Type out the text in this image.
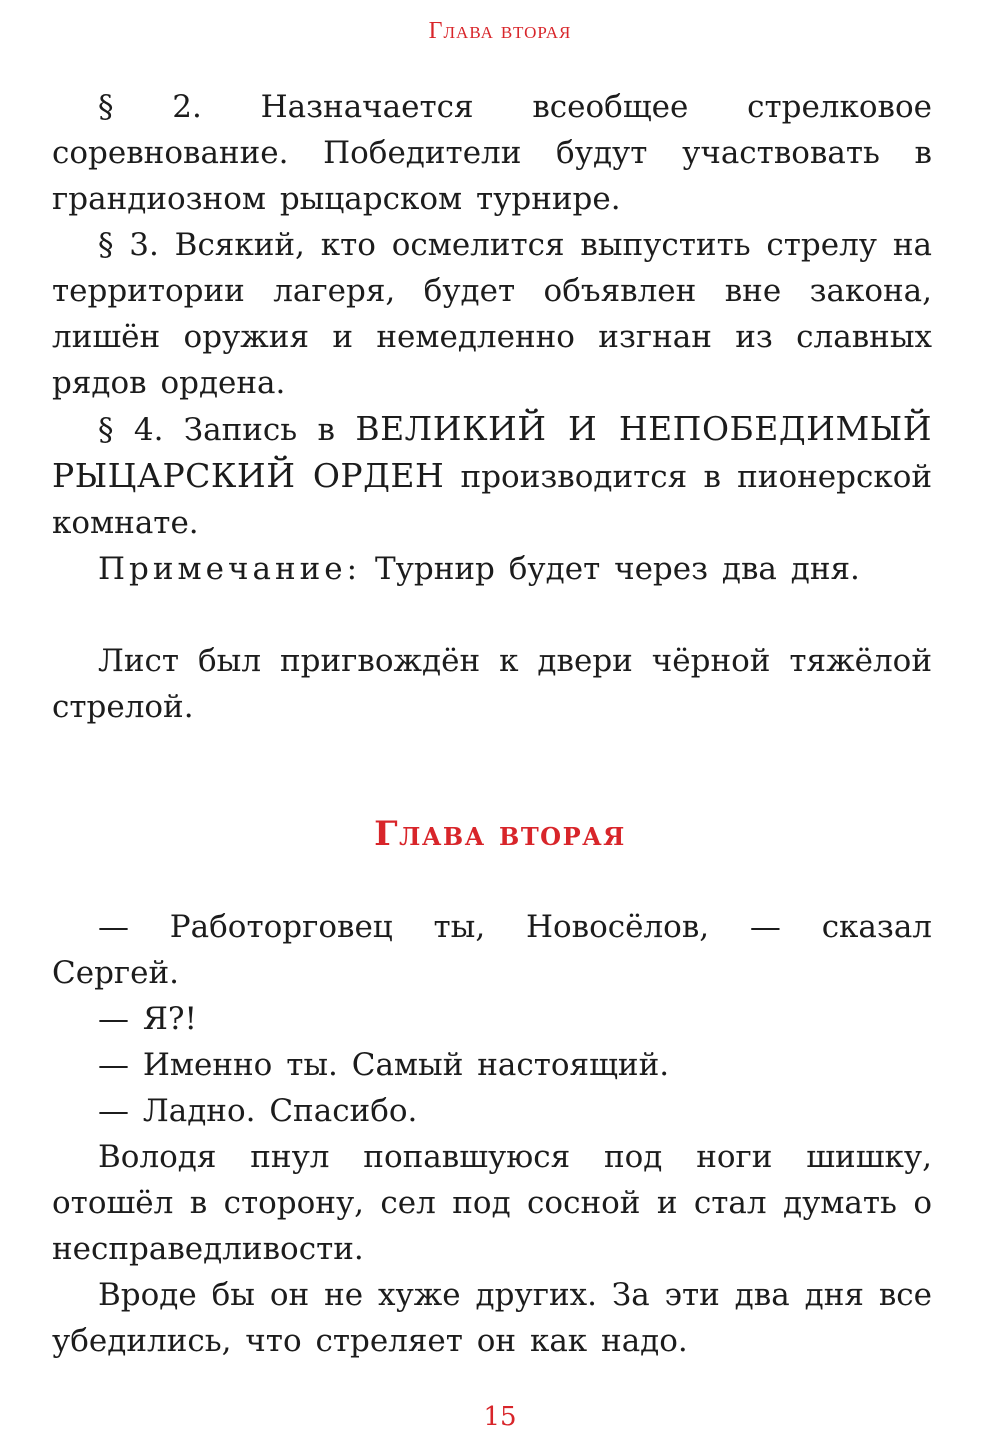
Глава вторая

§ 2. Назначается всеобщее стрелковое соревнование. Победители будут участвовать в грандиозном рыцарском турнире.

§ 3. Всякий, кто осмелится выпустить стрелу на территории лагеря, будет объявлен вне закона, лишён оружия и немедленно изгнан из славных рядов ордена.

§ 4. Запись в ВЕЛИКИЙ И НЕПОБЕДИМЫЙ РЫЦАРСКИЙ ОРДЕН производится в пионерской комнате.

Примечание: Турнир будет через два дня.

Лист был пригвождён к двери чёрной тяжёлой стрелой.

Глава вторая

— Работорговец ты, Новосёлов, — сказал Сергей.

— Я?!

— Именно ты. Самый настоящий.

— Ладно. Спасибо.

Володя пнул попавшуюся под ноги шишку, отошёл в сторону, сел под сосной и стал думать о несправедливости.

Вроде бы он не хуже других. За эти два дня все убедились, что стреляет он как надо.

15
